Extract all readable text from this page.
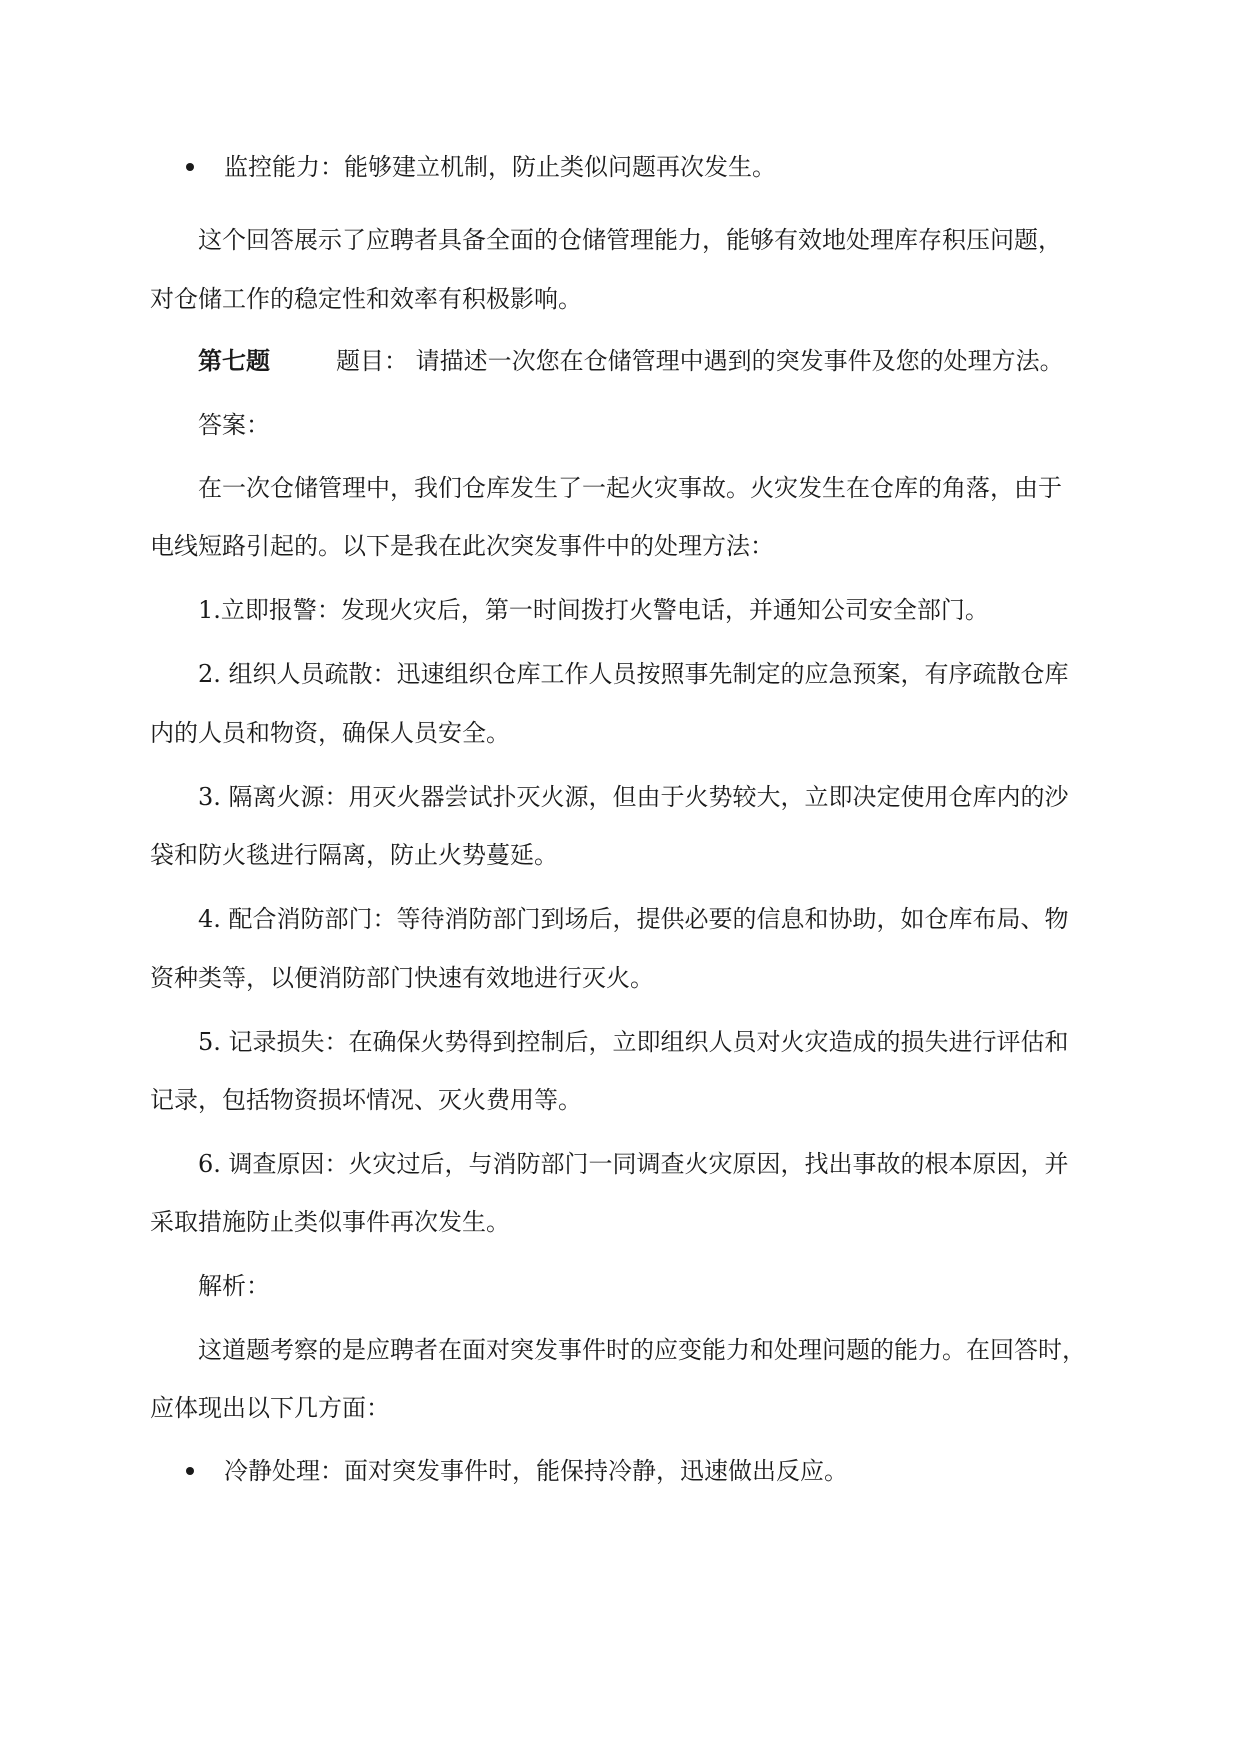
监控能力：能够建立机制，防止类似问题再次发生。
这个回答展示了应聘者具备全面的仓储管理能力，能够有效地处理库存积压问题，
对仓储工作的稳定性和效率有积极影响。
第七题	题目： 请描述一次您在仓储管理中遇到的突发事件及您的处理方法。
答案：
在一次仓储管理中，我们仓库发生了一起火灾事故。火灾发生在仓库的角落，由于
电线短路引起的。以下是我在此次突发事件中的处理方法：
1.立即报警：发现火灾后，第一时间拨打火警电话，并通知公司安全部门。
2. 组织人员疏散：迅速组织仓库工作人员按照事先制定的应急预案，有序疏散仓库
内的人员和物资，确保人员安全。
3. 隔离火源：用灭火器尝试扑灭火源，但由于火势较大，立即决定使用仓库内的沙
袋和防火毯进行隔离，防止火势蔓延。
4. 配合消防部门：等待消防部门到场后，提供必要的信息和协助，如仓库布局、物
资种类等，以便消防部门快速有效地进行灭火。
5. 记录损失：在确保火势得到控制后，立即组织人员对火灾造成的损失进行评估和
记录，包括物资损坏情况、灭火费用等。
6. 调查原因：火灾过后，与消防部门一同调查火灾原因，找出事故的根本原因，并
采取措施防止类似事件再次发生。
解析：
这道题考察的是应聘者在面对突发事件时的应变能力和处理问题的能力。在回答时，
应体现出以下几方面：
冷静处理：面对突发事件时，能保持冷静，迅速做出反应。
